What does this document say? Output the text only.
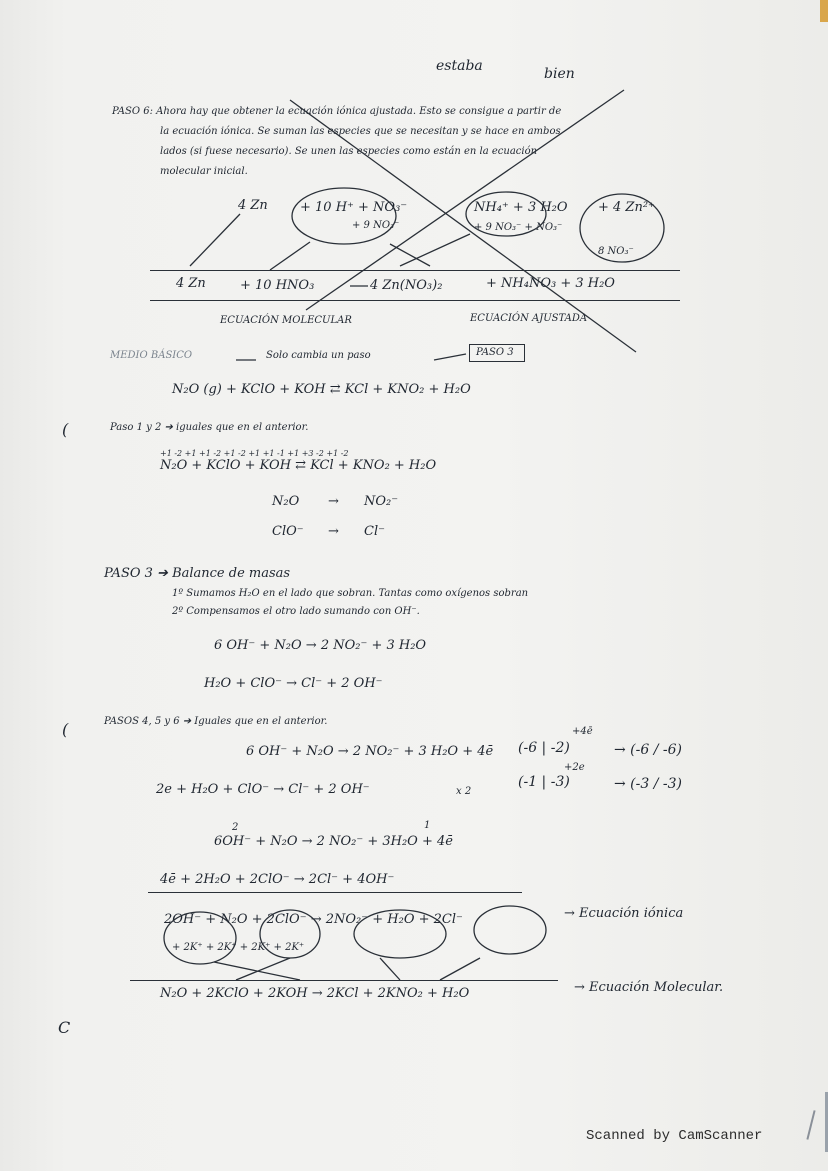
estaba	bien
PASO 6: Ahora hay que obtener la ecuación iónica ajustada. Esto se consigue a partir de
la ecuación iónica. Se suman las especies que se necesitan y se hace en ambos
lados (si fuese necesario). Se unen las especies como están en la ecuación
molecular inicial.
4 Zn + 10 H⁺ + NO₃⁻
+ 9 NO₃⁻
NH₄⁺ + 3 H₂O
+ 9 NO₃⁻ + NO₃⁻
+ 4 Zn²⁺
8 NO₃⁻
4 Zn	+ 10 HNO₃	4 Zn(NO₃)₂	+ NH₄NO₃ + 3 H₂O
ECUACIÓN MOLECULAR	ECUACIÓN AJUSTADA
MEDIO BÁSICO	Solo cambia un paso	PASO 3
N₂O (g) + KClO + KOH ⇄ KCl + KNO₂ + H₂O
Paso 1 y 2 ➔ iguales que en el anterior.
+1 -2 +1 +1 -2 +1 -2 +1 +1 -1 +1 +3 -2 +1 -2
N₂O + KClO + KOH ⇄ KCl + KNO₂ + H₂O
N₂O → NO₂⁻
ClO⁻ → Cl⁻
PASO 3 ➔ Balance de masas
1º Sumamos H₂O en el lado que sobran. Tantas como oxígenos sobran
2º Compensamos el otro lado sumando con OH⁻.
6 OH⁻ + N₂O → 2 NO₂⁻ + 3 H₂O
H₂O + ClO⁻ → Cl⁻ + 2 OH⁻
PASOS 4, 5 y 6 ➔ Iguales que en el anterior.
+4ē
6 OH⁻ + N₂O → 2 NO₂⁻ + 3 H₂O + 4ē (-6 | -2)	→ (-6 / -6)
+2e
2e + H₂O + ClO⁻ → Cl⁻ + 2 OH⁻	x 2
(-1 | -3)	→ (-3 / -3)
2	1
6OH⁻ + N₂O → 2 NO₂⁻ + 3H₂O + 4ē
4ē + 2H₂O + 2ClO⁻ → 2Cl⁻ + 4OH⁻
2OH⁻ + N₂O + 2ClO⁻ → 2NO₂⁻ + H₂O + 2Cl⁻
+ 2K⁺ + 2K⁺ + 2K⁺ + 2K⁺
→ Ecuación iónica
N₂O + 2KClO + 2KOH → 2KCl + 2KNO₂ + H₂O	→ Ecuación Molecular.
(
(
C
Scanned by CamScanner
